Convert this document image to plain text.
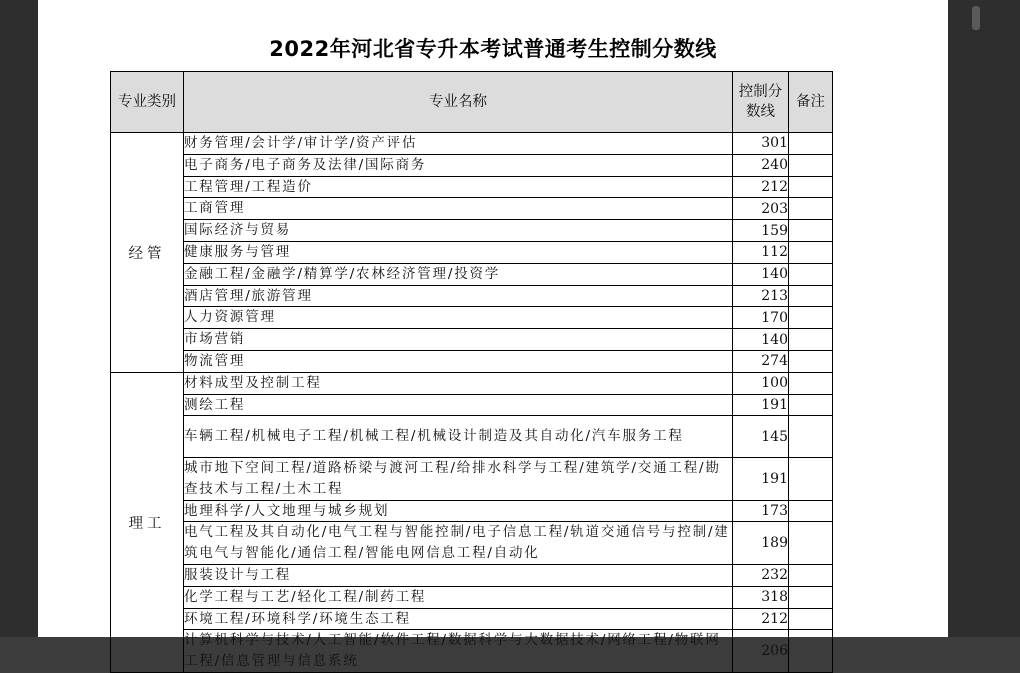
2022年河北省专升本考试普通考生控制分数线
专业类别	专业名称	控制分数线	备注
经管	财务管理/会计学/审计学/资产评估	301	
	电子商务/电子商务及法律/国际商务	240	
	工程管理/工程造价	212	
	工商管理	203	
	国际经济与贸易	159	
	健康服务与管理	112	
	金融工程/金融学/精算学/农林经济管理/投资学	140	
	酒店管理/旅游管理	213	
	人力资源管理	170	
	市场营销	140	
	物流管理	274	
理工	材料成型及控制工程	100	
	测绘工程	191	
	车辆工程/机械电子工程/机械工程/机械设计制造及其自动化/汽车服务工程	145	
	城市地下空间工程/道路桥梁与渡河工程/给排水科学与工程/建筑学/交通工程/勘查技术与工程/土木工程	191	
	地理科学/人文地理与城乡规划	173	
	电气工程及其自动化/电气工程与智能控制/电子信息工程/轨道交通信号与控制/建筑电气与智能化/通信工程/智能电网信息工程/自动化	189	
	服装设计与工程	232	
	化学工程与工艺/轻化工程/制药工程	318	
	环境工程/环境科学/环境生态工程	212	
	计算机科学与技术/人工智能/软件工程/数据科学与大数据技术/网络工程/物联网工程/信息管理与信息系统	206	
